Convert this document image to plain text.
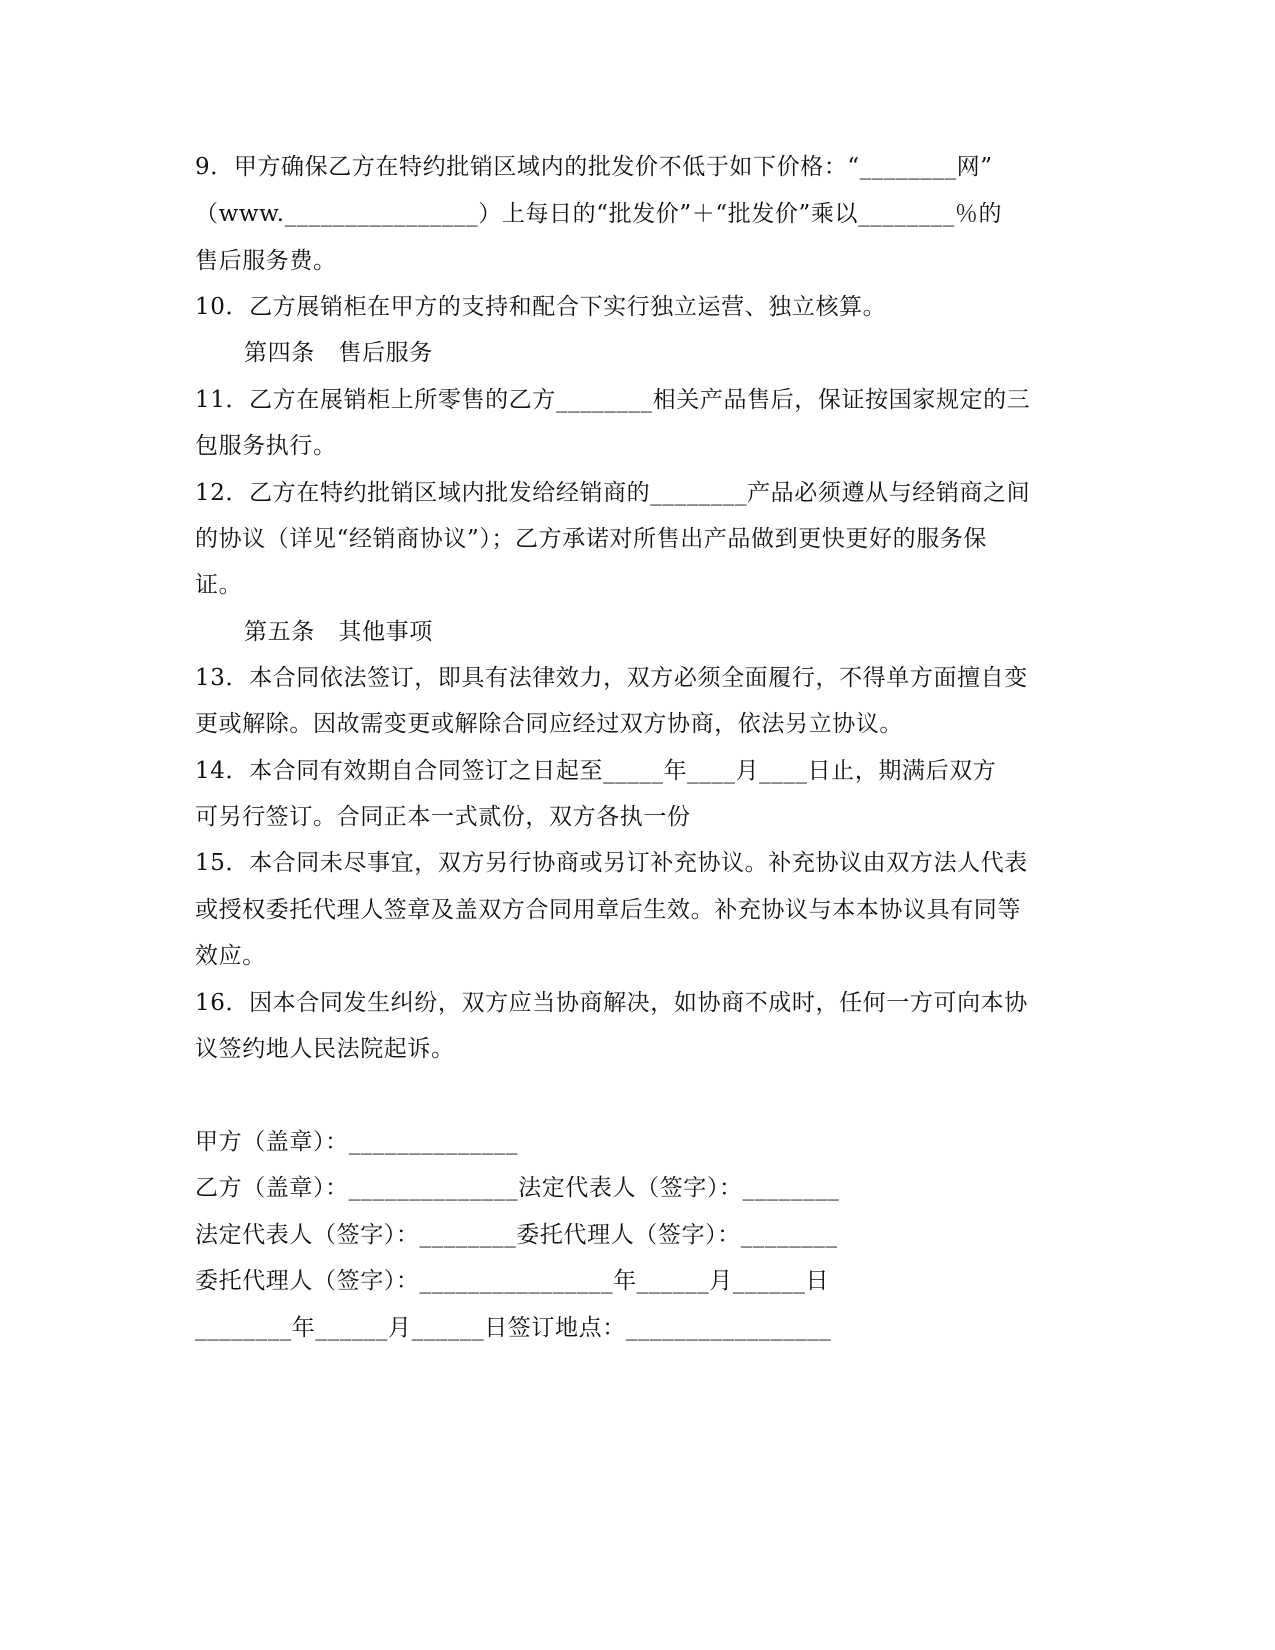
9．甲方确保乙方在特约批销区域内的批发价不低于如下价格：“________网”
（www.________________）上每日的“批发价”＋“批发价”乘以________％的
售后服务费。
10．乙方展销柜在甲方的支持和配合下实行独立运营、独立核算。
第四条　售后服务
11．乙方在展销柜上所零售的乙方________相关产品售后，保证按国家规定的三
包服务执行。
12．乙方在特约批销区域内批发给经销商的________产品必须遵从与经销商之间
的协议（详见“经销商协议”）；乙方承诺对所售出产品做到更快更好的服务保
证。
第五条　其他事项
13．本合同依法签订，即具有法律效力，双方必须全面履行，不得单方面擅自变
更或解除。因故需变更或解除合同应经过双方协商，依法另立协议。
14．本合同有效期自合同签订之日起至_____年____月____日止，期满后双方
可另行签订。合同正本一式贰份，双方各执一份
15．本合同未尽事宜，双方另行协商或另订补充协议。补充协议由双方法人代表
或授权委托代理人签章及盖双方合同用章后生效。补充协议与本本协议具有同等
效应。
16．因本合同发生纠纷，双方应当协商解决，如协商不成时，任何一方可向本协
议签约地人民法院起诉。
甲方（盖章）：______________
乙方（盖章）：______________法定代表人（签字）：________
法定代表人（签字）：________委托代理人（签字）：________
委托代理人（签字）：________________年______月______日
________年______月______日签订地点：_________________
